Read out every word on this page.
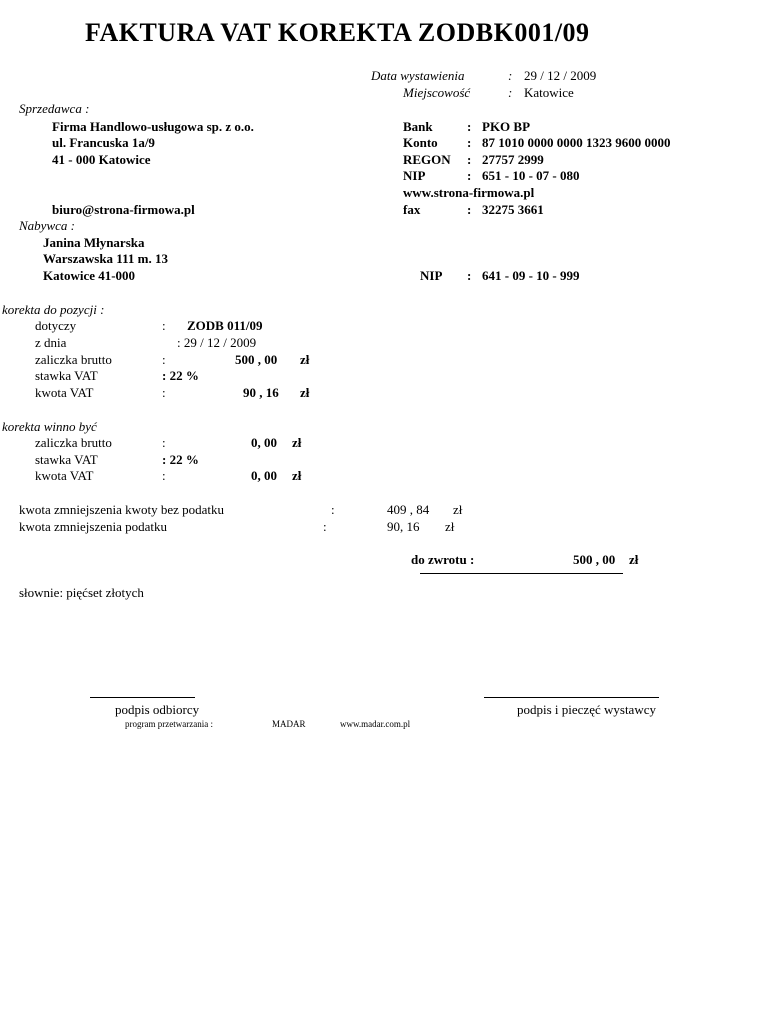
FAKTURA VAT KOREKTA ZODBK001/09
Data wystawienia	: 29 / 12 / 2009
Miejscowość	: Katowice
Sprzedawca :
Firma Handlowo-usługowa sp. z o.o.
ul. Francuska 1a/9
41 - 000 Katowice
biuro@strona-firmowa.pl
Bank	: PKO BP
Konto : 87 1010 0000 0000 1323 9600 0000
REGON : 27757 2999
NIP	: 651 - 10 - 07 - 080
www.strona-firmowa.pl
fax	: 32275 3661
Nabywca :
Janina Młynarska
Warszawska 111 m. 13
Katowice 41-000	NIP : 641 - 09 - 10 - 999
korekta do pozycji :
dotyczy	: ZODB 011/09
z dnia	: 29 / 12 / 2009
zaliczka brutto	:	500 , 00 zł
stawka VAT	: 22 %
kwota VAT	:	90 , 16 zł
korekta winno być
zaliczka brutto	:	0, 00 zł
stawka VAT	: 22 %
kwota VAT	:	0, 00 zł
kwota zmniejszenia kwoty bez podatku	:	409 , 84 zł
kwota zmniejszenia podatku	:	90, 16 zł
do zwrotu :	500 , 00 zł
słownie: pięćset złotych
podpis odbiorcy	podpis i pieczęć wystawcy
program przetwarzania :	MADAR	www.madar.com.pl
